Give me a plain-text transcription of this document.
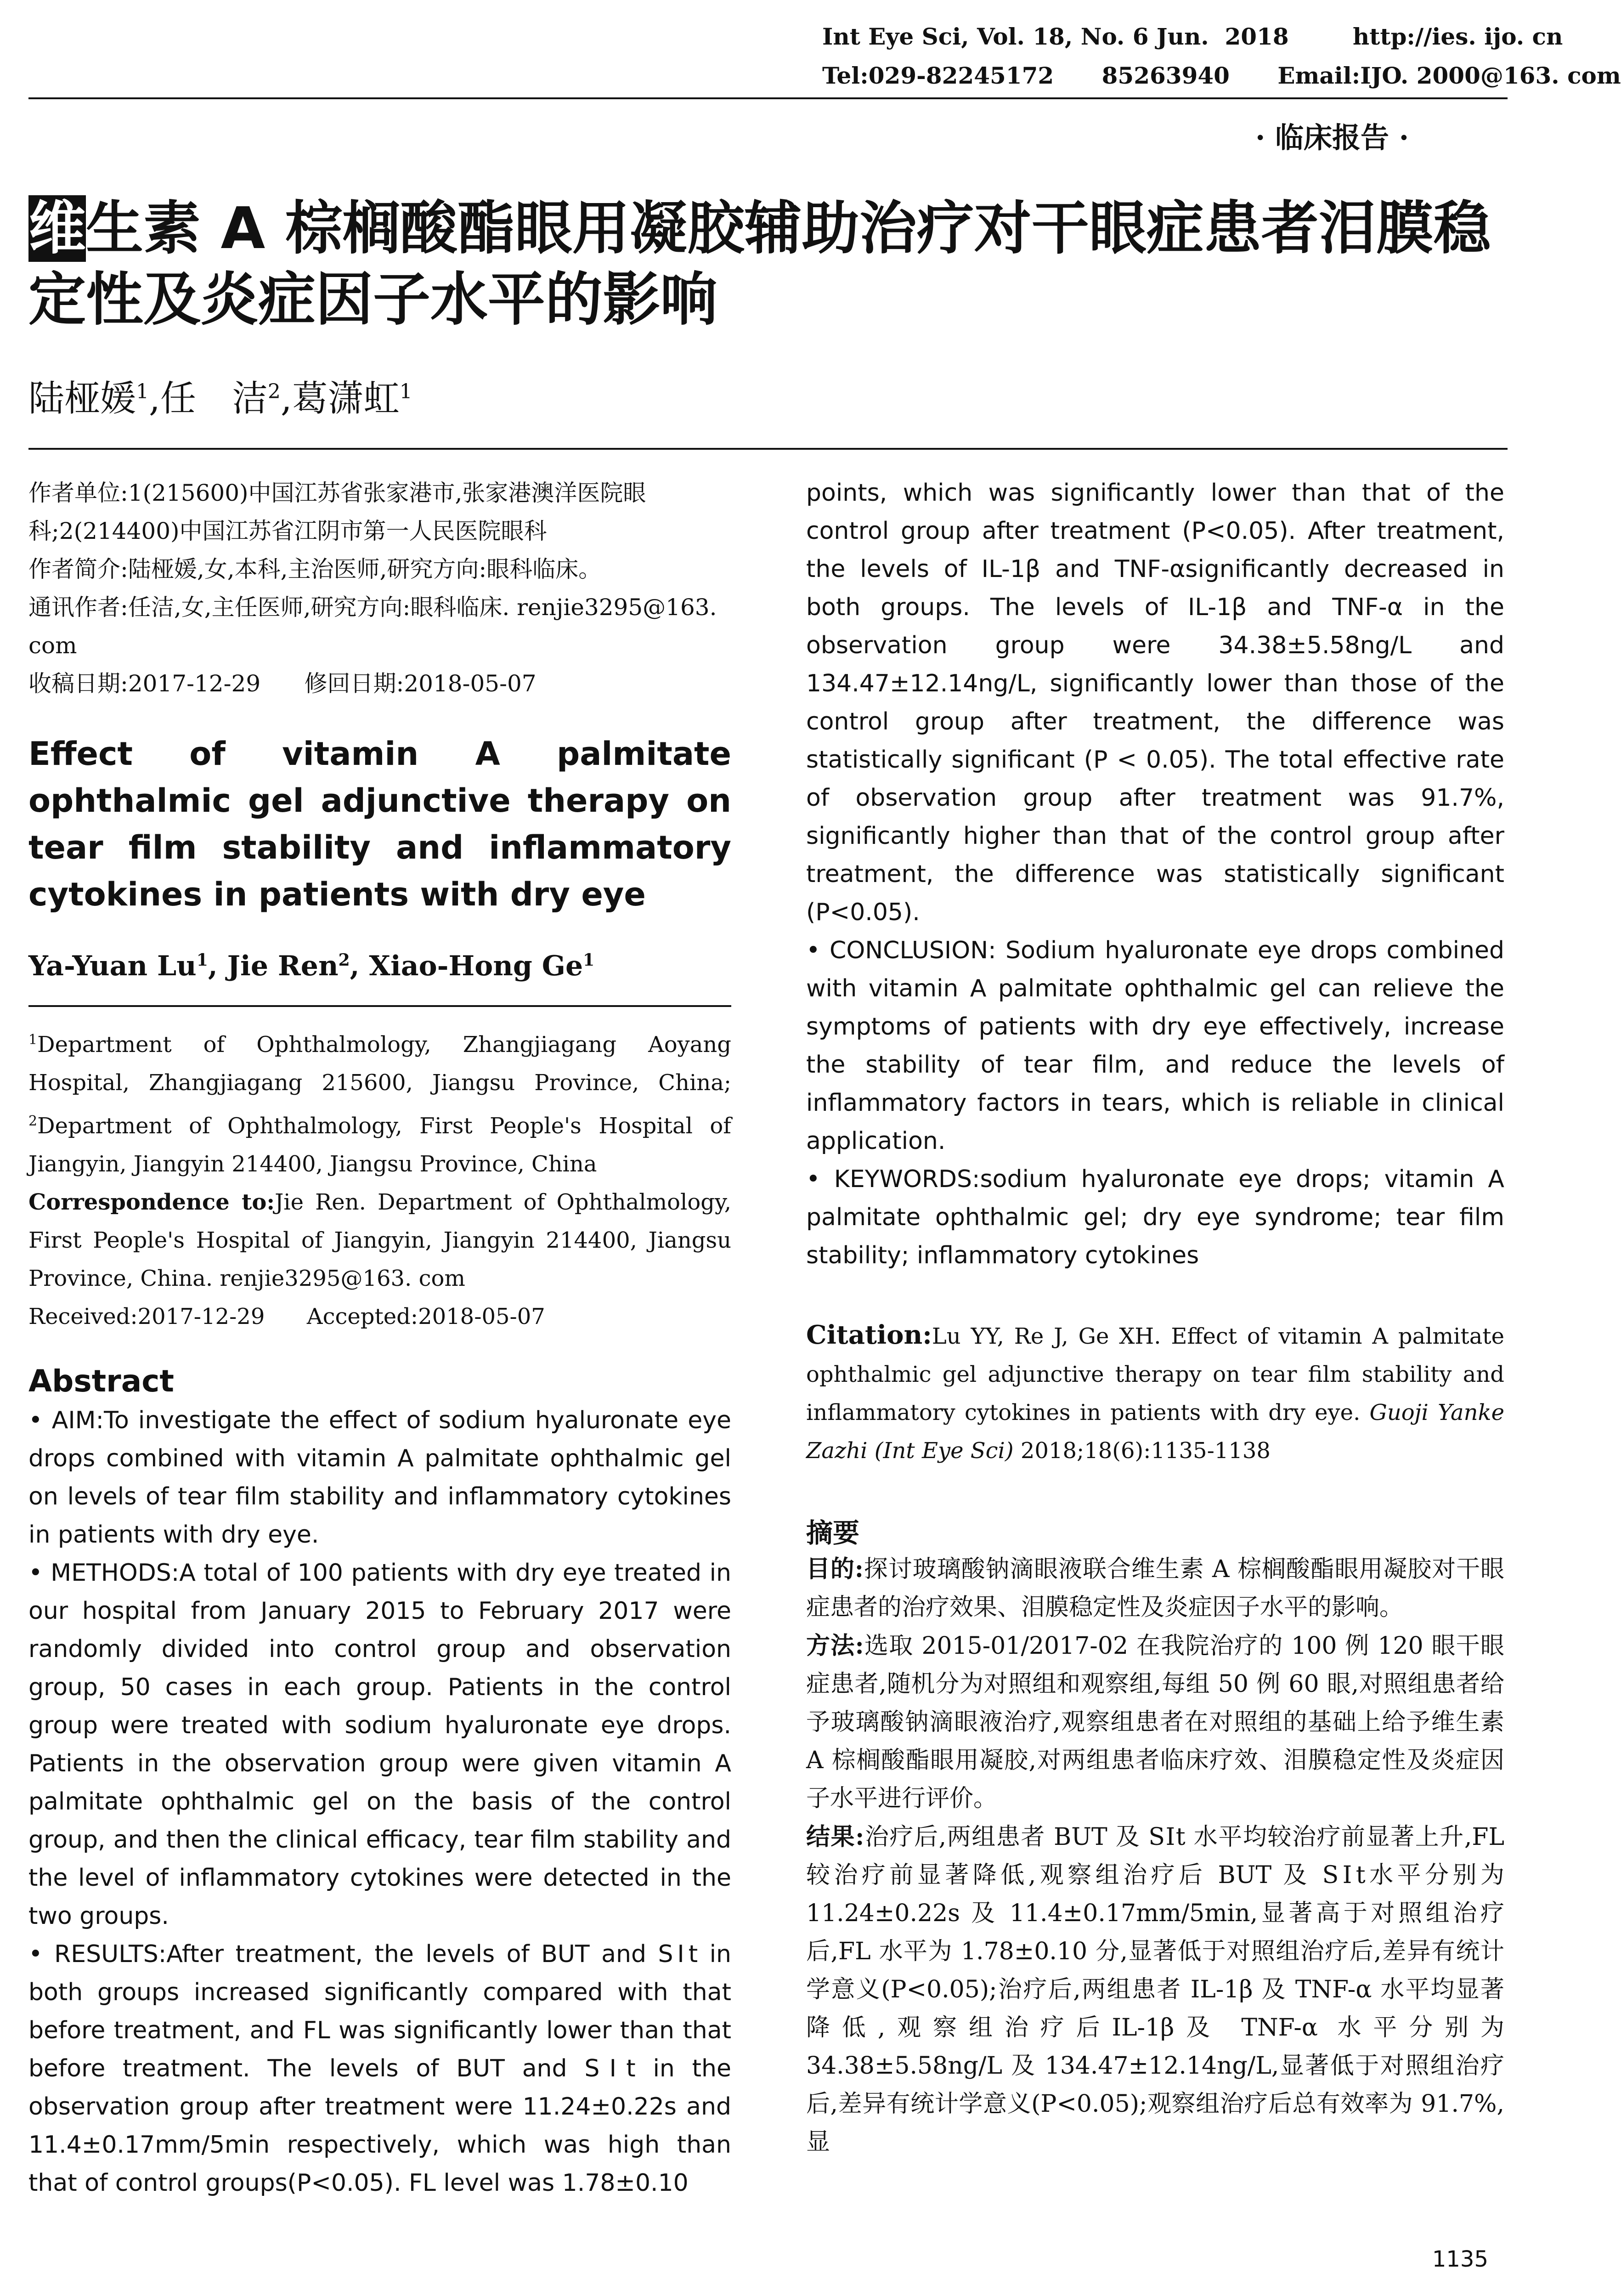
Int Eye Sci, Vol. 18, No. 6 Jun.  2018        http://ies. ijo. cn
Tel:029-82245172      85263940      Email:IJO. 2000@163. com
· 临床报告 ·
维生素 A 棕榈酸酯眼用凝胶辅助治疗对干眼症患者泪膜稳定性及炎症因子水平的影响
陆桠媛$^1$,任　洁$^2$,葛潇虹$^1$

作者单位:1(215600)中国江苏省张家港市,张家港澳洋医院眼科;2(214400)中国江苏省江阴市第一人民医院眼科

作者简介:陆桠媛,女,本科,主治医师,研究方向:眼科临床。

通讯作者:任洁,女,主任医师,研究方向:眼科临床. renjie3295@163. com

收稿日期:2017-12-29      修回日期:2018-05-07

Effect of vitamin A palmitate ophthalmic gel adjunctive therapy on tear film stability and inflammatory cytokines in patients with dry eye

Ya-Yuan Lu$^1$, Jie Ren$^2$, Xiao-Hong Ge$^1$

$^1$Department of Ophthalmology, Zhangjiagang Aoyang Hospital, Zhangjiagang 215600, Jiangsu Province, China; $^2$Department of Ophthalmology, First People's Hospital of Jiangyin, Jiangyin 214400, Jiangsu Province, China

Correspondence to:Jie Ren. Department of Ophthalmology, First People's Hospital of Jiangyin, Jiangyin 214400, Jiangsu Province, China. renjie3295@163. com

Received:2017-12-29      Accepted:2018-05-07

Abstract

• AIM:To investigate the effect of sodium hyaluronate eye drops combined with vitamin A palmitate ophthalmic gel on levels of tear film stability and inflammatory cytokines in patients with dry eye.

• METHODS:A total of 100 patients with dry eye treated in our hospital from January 2015 to February 2017 were randomly divided into control group and observation group, 50 cases in each group. Patients in the control group were treated with sodium hyaluronate eye drops. Patients in the observation group were given vitamin A palmitate ophthalmic gel on the basis of the control group, and then the clinical efficacy, tear film stability and the level of inflammatory cytokines were detected in the two groups.

• RESULTS:After treatment, the levels of BUT and SⅠt in both groups increased significantly compared with that before treatment, and FL was significantly lower than that before treatment. The levels of BUT and SⅠt in the observation group after treatment were 11.24±0.22s and 11.4±0.17mm/5min respectively, which was high than that of control groups(P<0.05). FL level was 1.78±0.10

points, which was significantly lower than that of the control group after treatment (P<0.05). After treatment, the levels of IL-1β and TNF-αsignificantly decreased in both groups. The levels of IL-1β and TNF-α in the observation group were 34.38±5.58ng/L and 134.47±12.14ng/L, significantly lower than those of the control group after treatment, the difference was statistically significant (P < 0.05). The total effective rate of observation group after treatment was 91.7%, significantly higher than that of the control group after treatment, the difference was statistically significant (P<0.05).

• CONCLUSION: Sodium hyaluronate eye drops combined with vitamin A palmitate ophthalmic gel can relieve the symptoms of patients with dry eye effectively, increase the stability of tear film, and reduce the levels of inflammatory factors in tears, which is reliable in clinical application.

• KEYWORDS:sodium hyaluronate eye drops; vitamin A palmitate ophthalmic gel; dry eye syndrome; tear film stability; inflammatory cytokines

Citation:Lu YY, Re J, Ge XH. Effect of vitamin A palmitate ophthalmic gel adjunctive therapy on tear film stability and inflammatory cytokines in patients with dry eye. Guoji Yanke Zazhi (Int Eye Sci) 2018;18(6):1135-1138

摘要

目的:探讨玻璃酸钠滴眼液联合维生素 A 棕榈酸酯眼用凝胶对干眼症患者的治疗效果、泪膜稳定性及炎症因子水平的影响。

方法:选取 2015-01/2017-02 在我院治疗的 100 例 120 眼干眼症患者,随机分为对照组和观察组,每组 50 例 60 眼,对照组患者给予玻璃酸钠滴眼液治疗,观察组患者在对照组的基础上给予维生素 A 棕榈酸酯眼用凝胶,对两组患者临床疗效、泪膜稳定性及炎症因子水平进行评价。

结果:治疗后,两组患者 BUT 及 SⅠt 水平均较治疗前显著上升,FL 较治疗前显著降低,观察组治疗后 BUT 及 SⅠt水平分别为 11.24±0.22s 及 11.4±0.17mm/5min,显著高于对照组治疗后,FL 水平为 1.78±0.10 分,显著低于对照组治疗后,差异有统计学意义(P<0.05);治疗后,两组患者 IL-1β 及 TNF-α 水平均显著降低,观察组治疗后IL-1β及 TNF-α 水平分别为 34.38±5.58ng/L 及 134.47±12.14ng/L,显著低于对照组治疗后,差异有统计学意义(P<0.05);观察组治疗后总有效率为 91.7%,显

1135
